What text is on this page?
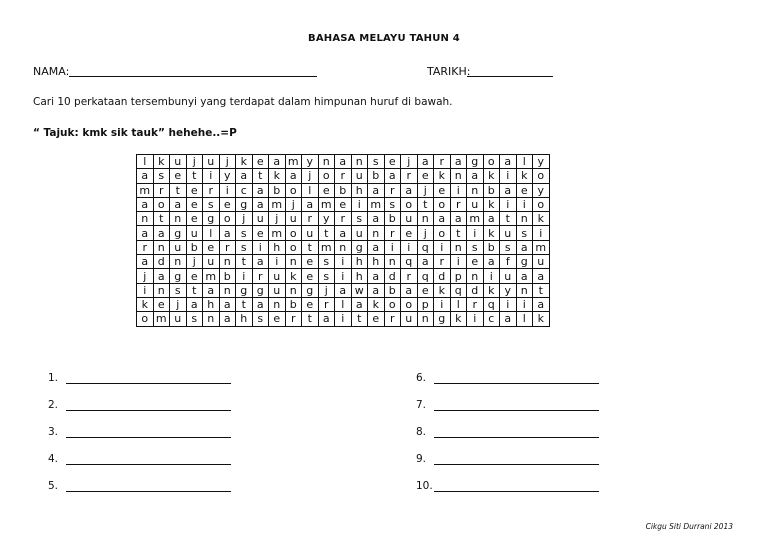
BAHASA MELAYU TAHUN 4
NAMA:	TARIKH:
Cari 10 perkataan tersembunyi yang terdapat dalam himpunan huruf di bawah.
“ Tajuk: kmk sik tauk” hehehe..=P
l	k	u	j	u	j	k	e	a	m	y	n	a	n	s	e	j	a	r	a	g	o	a	l	y
a	s	e	t	i	y	a	t	k	a	j	o	r	u	b	a	r	e	k	n	a	k	i	k	o
m	r	t	e	r	i	c	a	b	o	l	e	b	h	a	r	a	j	e	i	n	b	a	e	y
a	o	a	e	s	e	g	a	m	j	a	m	e	i	m	s	o	t	o	r	u	k	i	i	o
n	t	n	e	g	o	j	u	j	u	r	y	r	s	a	b	u	n	a	a	m	a	t	n	k
a	a	g	u	l	a	s	e	m	o	u	t	a	u	n	r	e	j	o	t	i	k	u	s	i
r	n	u	b	e	r	s	i	h	o	t	m	n	g	a	i	i	q	i	n	s	b	s	a	m
a	d	n	j	u	n	t	a	i	n	e	s	i	h	h	n	q	a	r	i	e	a	f	g	u
j	a	g	e	m	b	i	r	u	k	e	s	i	h	a	d	r	q	d	p	n	i	u	a	a
i	n	s	t	a	n	g	g	u	n	g	j	a	w	a	b	a	e	k	q	d	k	y	n	t
k	e	j	a	h	a	t	a	n	b	e	r	l	a	k	o	o	p	i	l	r	q	i	i	a
o	m	u	s	n	a	h	s	e	r	t	a	i	t	e	r	u	n	g	k	i	c	a	l	k
1.
2.
3.
4.
5.
6.
7.
8.
9.
10.
Cikgu Siti Durrani 2013
